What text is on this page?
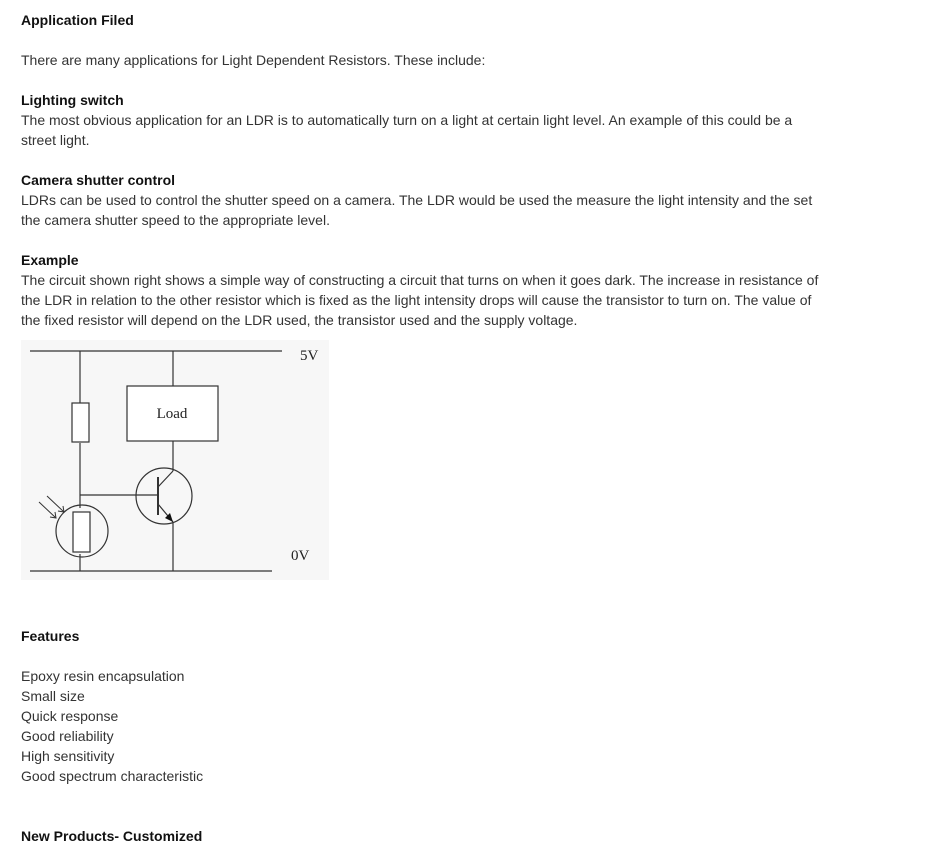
Application Filed
There are many applications for Light Dependent Resistors. These include:
Lighting switch
The most obvious application for an LDR is to automatically turn on a light at certain light level. An example of this could be a
street light.
Camera shutter control
LDRs can be used to control the shutter speed on a camera. The LDR would be used the measure the light intensity and the set
the camera shutter speed to the appropriate level.
Example
The circuit shown right shows a simple way of constructing a circuit that turns on when it goes dark. The increase in resistance of
the LDR in relation to the other resistor which is fixed as the light intensity drops will cause the transistor to turn on. The value of
the fixed resistor will depend on the LDR used, the transistor used and the supply voltage.
Load
5V
0V
Features
Epoxy resin encapsulation
Small size
Quick response
Good reliability
High sensitivity
Good spectrum characteristic
New Products- Customized
